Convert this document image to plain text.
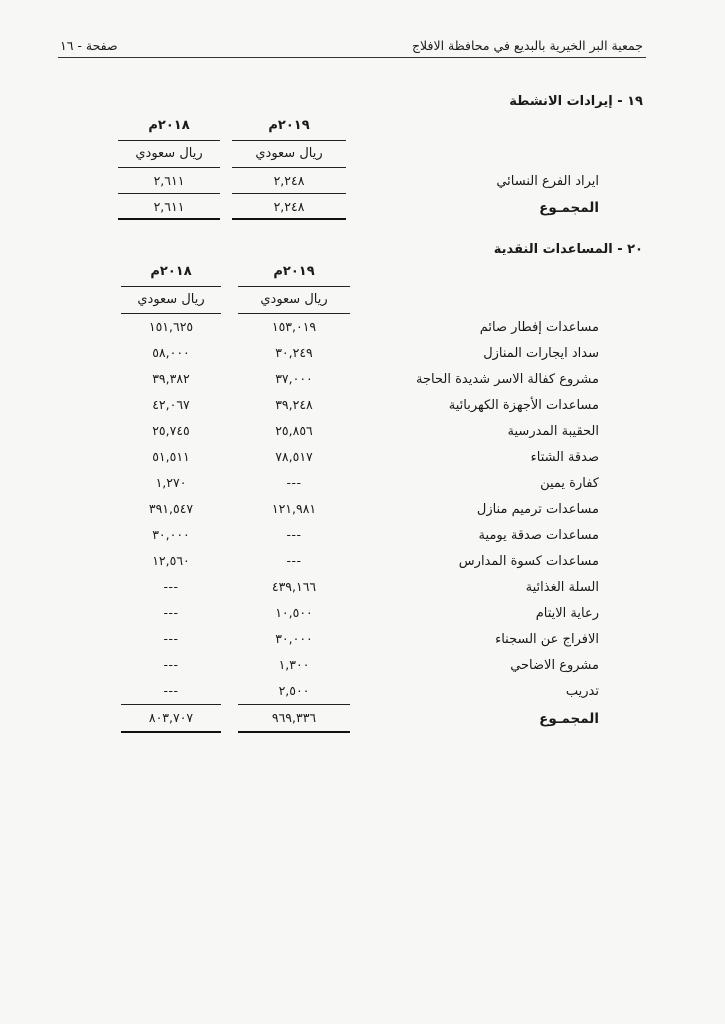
جمعية البر الخيرية بالبديع في محافظة الافلاج
صفحة - ١٦
١٩ - إيرادات الانشطة
٢٠١٩م
٢٠١٨م
ريال سعودي
ريال سعودي
ايراد الفرع النسائي
٢,٢٤٨
٢,٦١١
المجمـوع
٢,٢٤٨
٢,٦١١
٢٠ - المساعدات النقدية
٢٠١٩م
٢٠١٨م
ريال سعودي
ريال سعودي
مساعدات إفطار صائم
١٥٣,٠١٩
١٥١,٦٢٥
سداد ايجارات المنازل
٣٠,٢٤٩
٥٨,٠٠٠
مشروع كفالة الاسر شديدة الحاجة
٣٧,٠٠٠
٣٩,٣٨٢
مساعدات الأجهزة الكهربائية
٣٩,٢٤٨
٤٢,٠٦٧
الحقيبة المدرسية
٢٥,٨٥٦
٢٥,٧٤٥
صدقة الشتاء
٧٨,٥١٧
٥١,٥١١
كفارة يمين
---
١,٢٧٠
مساعدات ترميم منازل
١٢١,٩٨١
٣٩١,٥٤٧
مساعدات صدقة يومية
---
٣٠,٠٠٠
مساعدات كسوة المدارس
---
١٢,٥٦٠
السلة الغذائية
٤٣٩,١٦٦
---
رعاية الايتام
١٠,٥٠٠
---
الافراج عن السجناء
٣٠,٠٠٠
---
مشروع الاضاحي
١,٣٠٠
---
تدريب
٢,٥٠٠
---
المجمـوع
٩٦٩,٣٣٦
٨٠٣,٧٠٧
